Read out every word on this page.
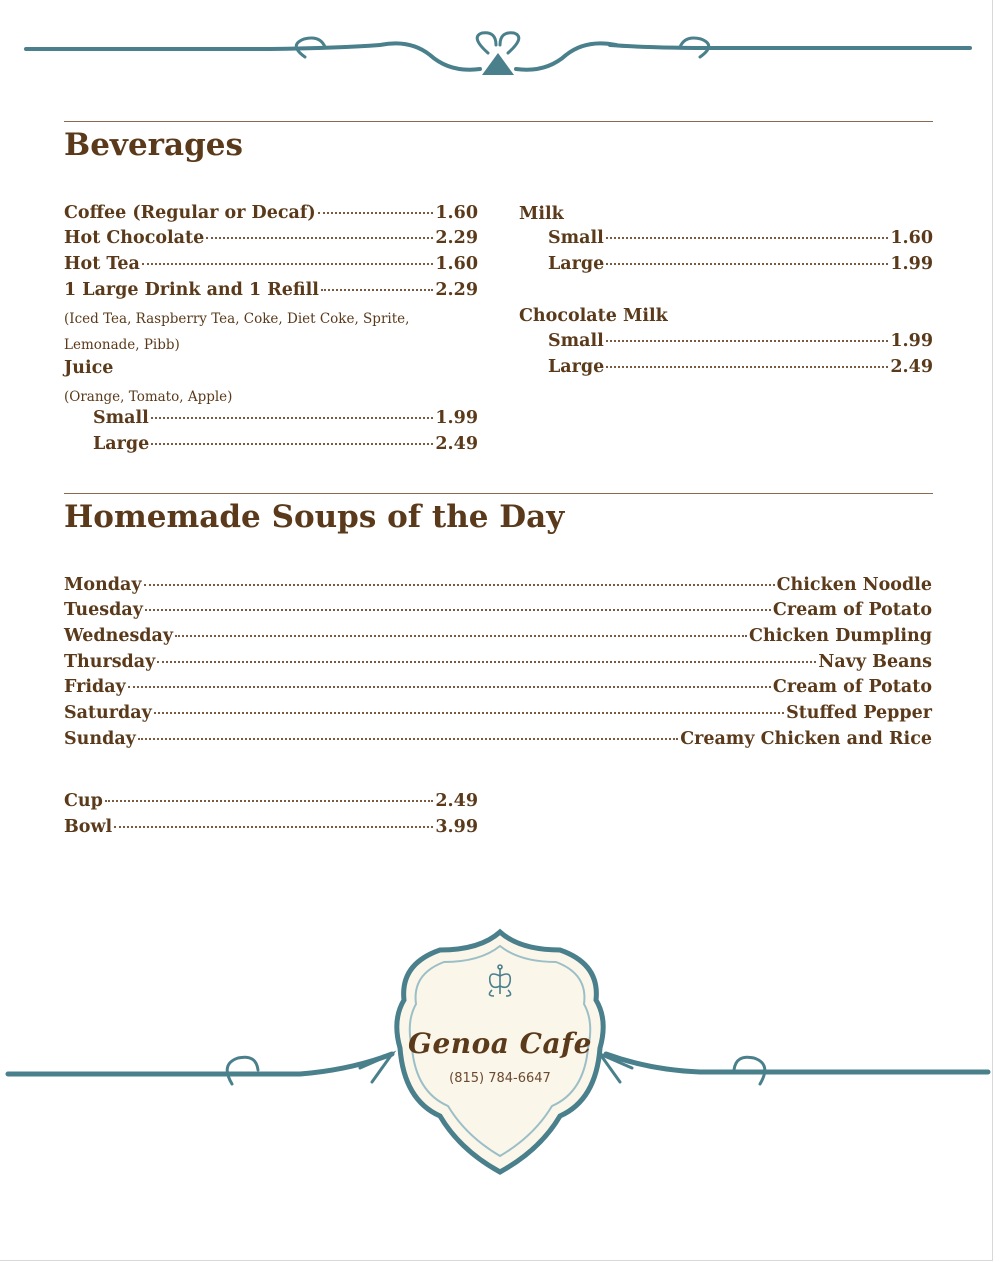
Beverages
Coffee (Regular or Decaf)	1.60
Hot Chocolate	2.29
Hot Tea	1.60
1 Large Drink and 1 Refill	2.29
(Iced Tea, Raspberry Tea, Coke, Diet Coke, Sprite,
Lemonade, Pibb)
Juice
(Orange, Tomato, Apple)
Small	1.99
Large	2.49
Milk
Small	1.60
Large	1.99
Chocolate Milk
Small	1.99
Large	2.49
Homemade Soups of the Day
Monday	Chicken Noodle
Tuesday	Cream of Potato
Wednesday	Chicken Dumpling
Thursday	Navy Beans
Friday	Cream of Potato
Saturday	Stuffed Pepper
Sunday	Creamy Chicken and Rice
Cup	2.49
Bowl	3.99
Genoa Cafe
(815) 784-6647
